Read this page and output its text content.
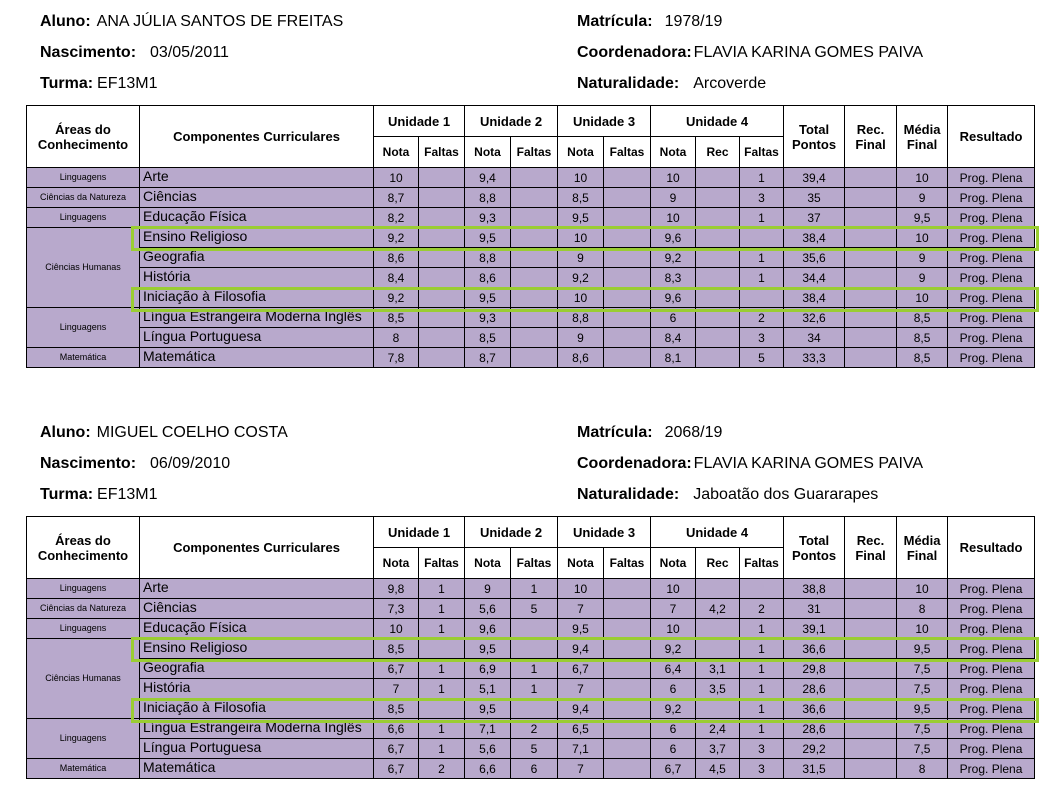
Aluno: ANA JÚLIA SANTOS DE FREITAS
Nascimento: 03/05/2011
Turma: EF13M1
Matrícula: 1978/19
Coordenadora: FLAVIA KARINA GOMES PAIVA
Naturalidade: Arcoverde
Áreas do Conhecimento	Componentes Curriculares	Unidade 1		Unidade 2		Unidade 3		Unidade 4			Total Pontos	Rec. Final	Média Final	Resultado
		Nota	Faltas	Nota	Faltas	Nota	Faltas	Nota	Rec	Faltas				
Linguagens	Arte	10		9,4		10		10		1	39,4		10	Prog. Plena
Ciências da Natureza	Ciências	8,7		8,8		8,5		9		3	35		9	Prog. Plena
Linguagens	Educação Física	8,2		9,3		9,5		10		1	37		9,5	Prog. Plena
Ciências Humanas	Ensino Religioso	9,2		9,5		10		9,6			38,4		10	Prog. Plena
	Geografia	8,6		8,8		9		9,2		1	35,6		9	Prog. Plena
	História	8,4		8,6		9,2		8,3		1	34,4		9	Prog. Plena
	Iniciação à Filosofia	9,2		9,5		10		9,6			38,4		10	Prog. Plena
Linguagens	Língua Estrangeira Moderna Inglês	8,5		9,3		8,8		6		2	32,6		8,5	Prog. Plena
	Língua Portuguesa	8		8,5		9		8,4		3	34		8,5	Prog. Plena
Matemática	Matemática	7,8		8,7		8,6		8,1		5	33,3		8,5	Prog. Plena
Aluno: MIGUEL COELHO COSTA
Nascimento: 06/09/2010
Turma: EF13M1
Matrícula: 2068/19
Coordenadora: FLAVIA KARINA GOMES PAIVA
Naturalidade: Jaboatão dos Guararapes
Áreas do Conhecimento	Componentes Curriculares	Unidade 1		Unidade 2		Unidade 3		Unidade 4			Total Pontos	Rec. Final	Média Final	Resultado
		Nota	Faltas	Nota	Faltas	Nota	Faltas	Nota	Rec	Faltas				
Linguagens	Arte	9,8	1	9	1	10		10			38,8		10	Prog. Plena
Ciências da Natureza	Ciências	7,3	1	5,6	5	7		7	4,2	2	31		8	Prog. Plena
Linguagens	Educação Física	10	1	9,6		9,5		10		1	39,1		10	Prog. Plena
Ciências Humanas	Ensino Religioso	8,5		9,5		9,4		9,2		1	36,6		9,5	Prog. Plena
	Geografia	6,7	1	6,9	1	6,7		6,4	3,1	1	29,8		7,5	Prog. Plena
	História	7	1	5,1	1	7		6	3,5	1	28,6		7,5	Prog. Plena
	Iniciação à Filosofia	8,5		9,5		9,4		9,2		1	36,6		9,5	Prog. Plena
Linguagens	Língua Estrangeira Moderna Inglês	6,6	1	7,1	2	6,5		6	2,4	1	28,6		7,5	Prog. Plena
	Língua Portuguesa	6,7	1	5,6	5	7,1		6	3,7	3	29,2		7,5	Prog. Plena
Matemática	Matemática	6,7	2	6,6	6	7		6,7	4,5	3	31,5		8	Prog. Plena
